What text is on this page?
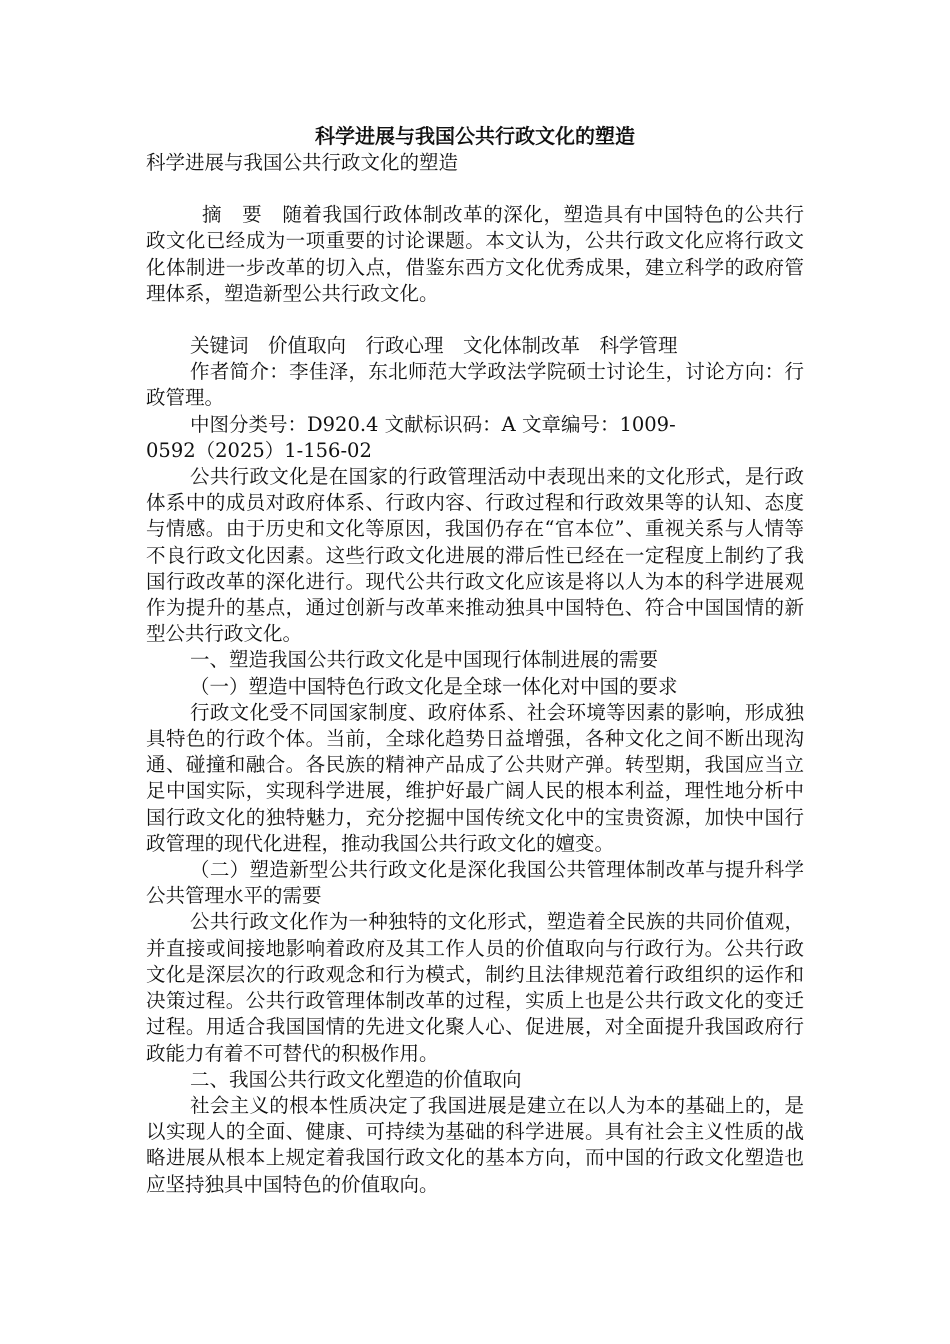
科学进展与我国公共行政文化的塑造

科学进展与我国公共行政文化的塑造

摘　要　随着我国行政体制改革的深化，塑造具有中国特色的公共行政文化已经成为一项重要的讨论课题。本文认为，公共行政文化应将行政文化体制进一步改革的切入点，借鉴东西方文化优秀成果，建立科学的政府管理体系，塑造新型公共行政文化。

关键词　价值取向　行政心理　文化体制改革　科学管理

作者简介：李佳泽，东北师范大学政法学院硕士讨论生，讨论方向：行政管理。

中图分类号：D920.4 文献标识码：A 文章编号：1009-

0592（2025）1-156-02

公共行政文化是在国家的行政管理活动中表现出来的文化形式，是行政体系中的成员对政府体系、行政内容、行政过程和行政效果等的认知、态度与情感。由于历史和文化等原因，我国仍存在“官本位”、重视关系与人情等不良行政文化因素。这些行政文化进展的滞后性已经在一定程度上制约了我国行政改革的深化进行。现代公共行政文化应该是将以人为本的科学进展观作为提升的基点，通过创新与改革来推动独具中国特色、符合中国国情的新型公共行政文化。

一、塑造我国公共行政文化是中国现行体制进展的需要

（一）塑造中国特色行政文化是全球一体化对中国的要求

行政文化受不同国家制度、政府体系、社会环境等因素的影响，形成独具特色的行政个体。当前，全球化趋势日益增强，各种文化之间不断出现沟通、碰撞和融合。各民族的精神产品成了公共财产弹。转型期，我国应当立足中国实际，实现科学进展，维护好最广阔人民的根本利益，理性地分析中国行政文化的独特魅力，充分挖掘中国传统文化中的宝贵资源，加快中国行政管理的现代化进程，推动我国公共行政文化的嬗变。

（二）塑造新型公共行政文化是深化我国公共管理体制改革与提升科学公共管理水平的需要

公共行政文化作为一种独特的文化形式，塑造着全民族的共同价值观，并直接或间接地影响着政府及其工作人员的价值取向与行政行为。公共行政文化是深层次的行政观念和行为模式，制约且法律规范着行政组织的运作和决策过程。公共行政管理体制改革的过程，实质上也是公共行政文化的变迁过程。用适合我国国情的先进文化聚人心、促进展，对全面提升我国政府行政能力有着不可替代的积极作用。

二、我国公共行政文化塑造的价值取向

社会主义的根本性质决定了我国进展是建立在以人为本的基础上的，是以实现人的全面、健康、可持续为基础的科学进展。具有社会主义性质的战略进展从根本上规定着我国行政文化的基本方向，而中国的行政文化塑造也应坚持独具中国特色的价值取向。
